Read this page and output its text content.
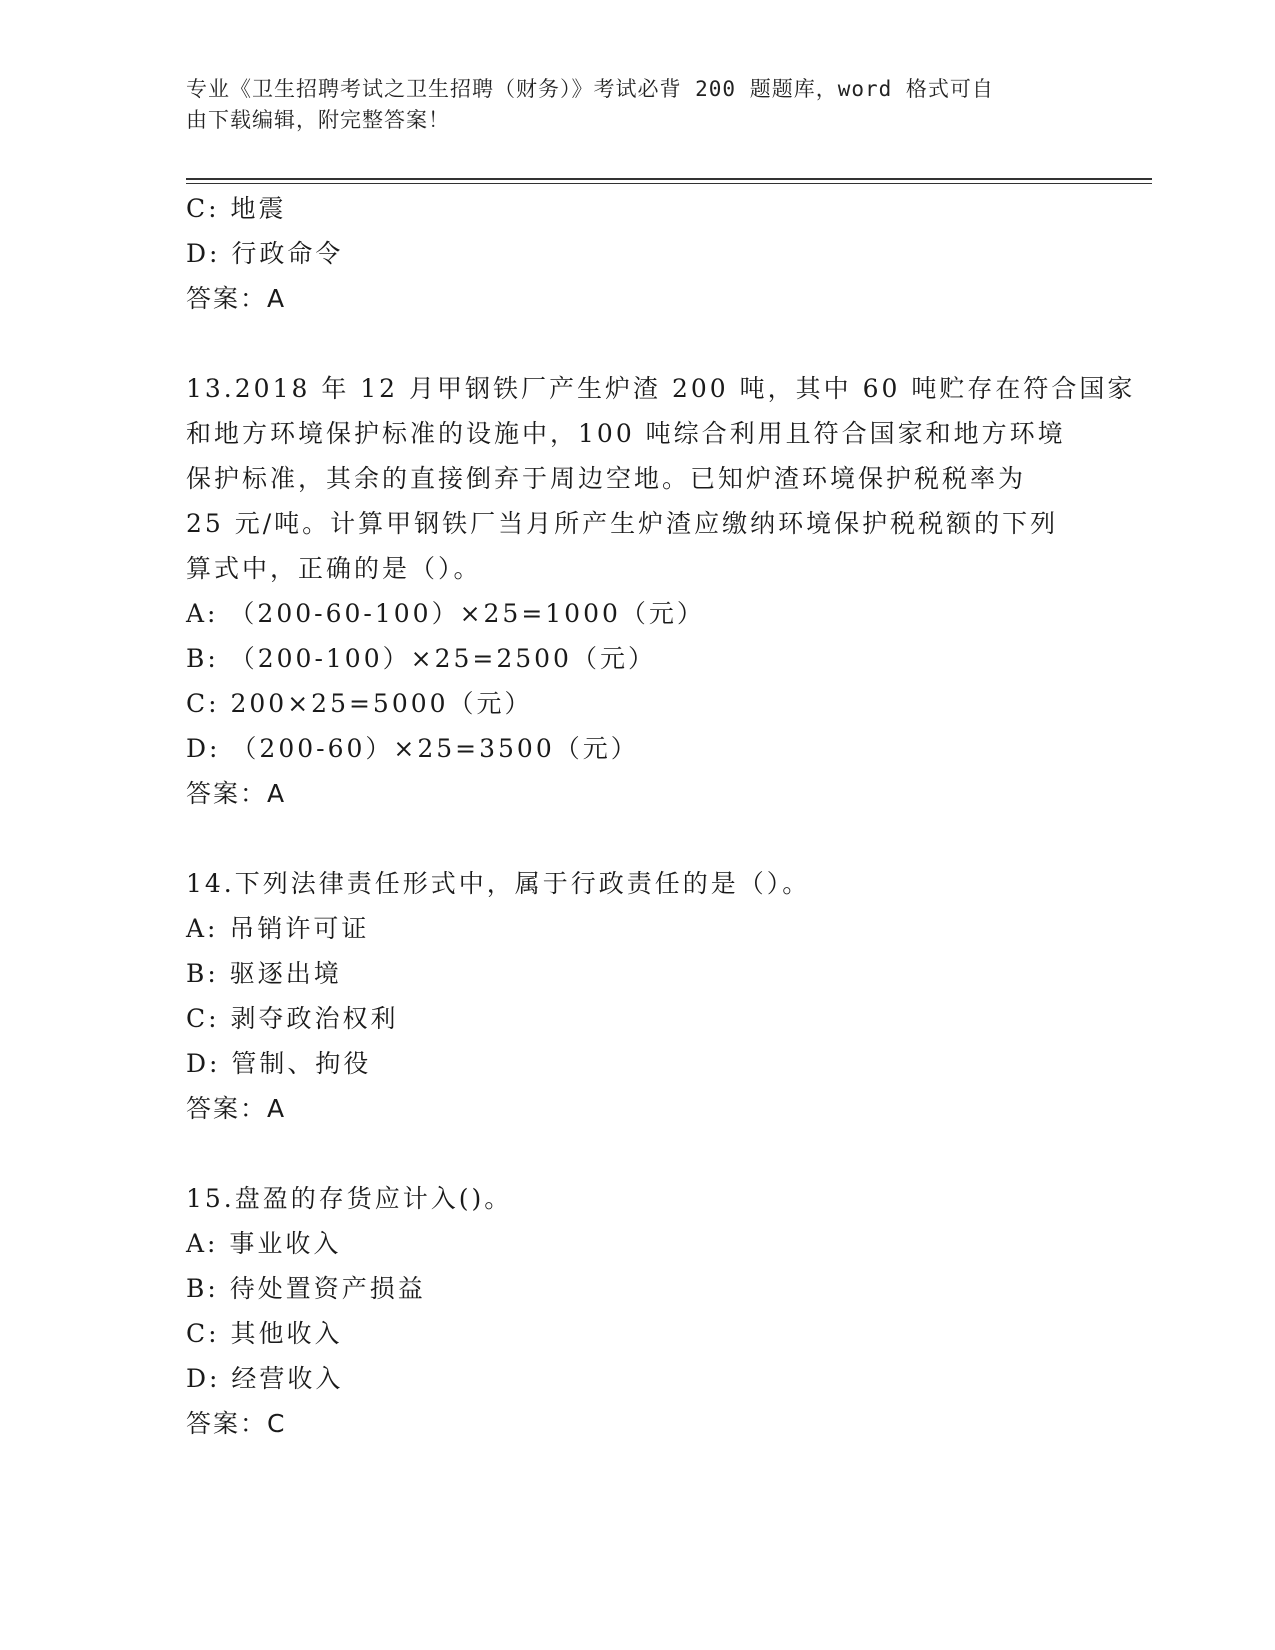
专业《卫生招聘考试之卫生招聘（财务）》考试必背 200 题题库，word 格式可自
由下载编辑，附完整答案！
C: 地震
D: 行政命令
答案：A
13.2018 年 12 月甲钢铁厂产生炉渣 200 吨，其中 60 吨贮存在符合国家
和地方环境保护标准的设施中，100 吨综合利用且符合国家和地方环境
保护标准，其余的直接倒弃于周边空地。已知炉渣环境保护税税率为
25 元/吨。计算甲钢铁厂当月所产生炉渣应缴纳环境保护税税额的下列
算式中，正确的是（）。
A: （200-60-100）×25=1000（元）
B: （200-100）×25=2500（元）
C: 200×25=5000（元）
D: （200-60）×25=3500（元）
答案：A
14.下列法律责任形式中，属于行政责任的是（）。
A: 吊销许可证
B: 驱逐出境
C: 剥夺政治权利
D: 管制、拘役
答案：A
15.盘盈的存货应计入()。
A: 事业收入
B: 待处置资产损益
C: 其他收入
D: 经营收入
答案：C
